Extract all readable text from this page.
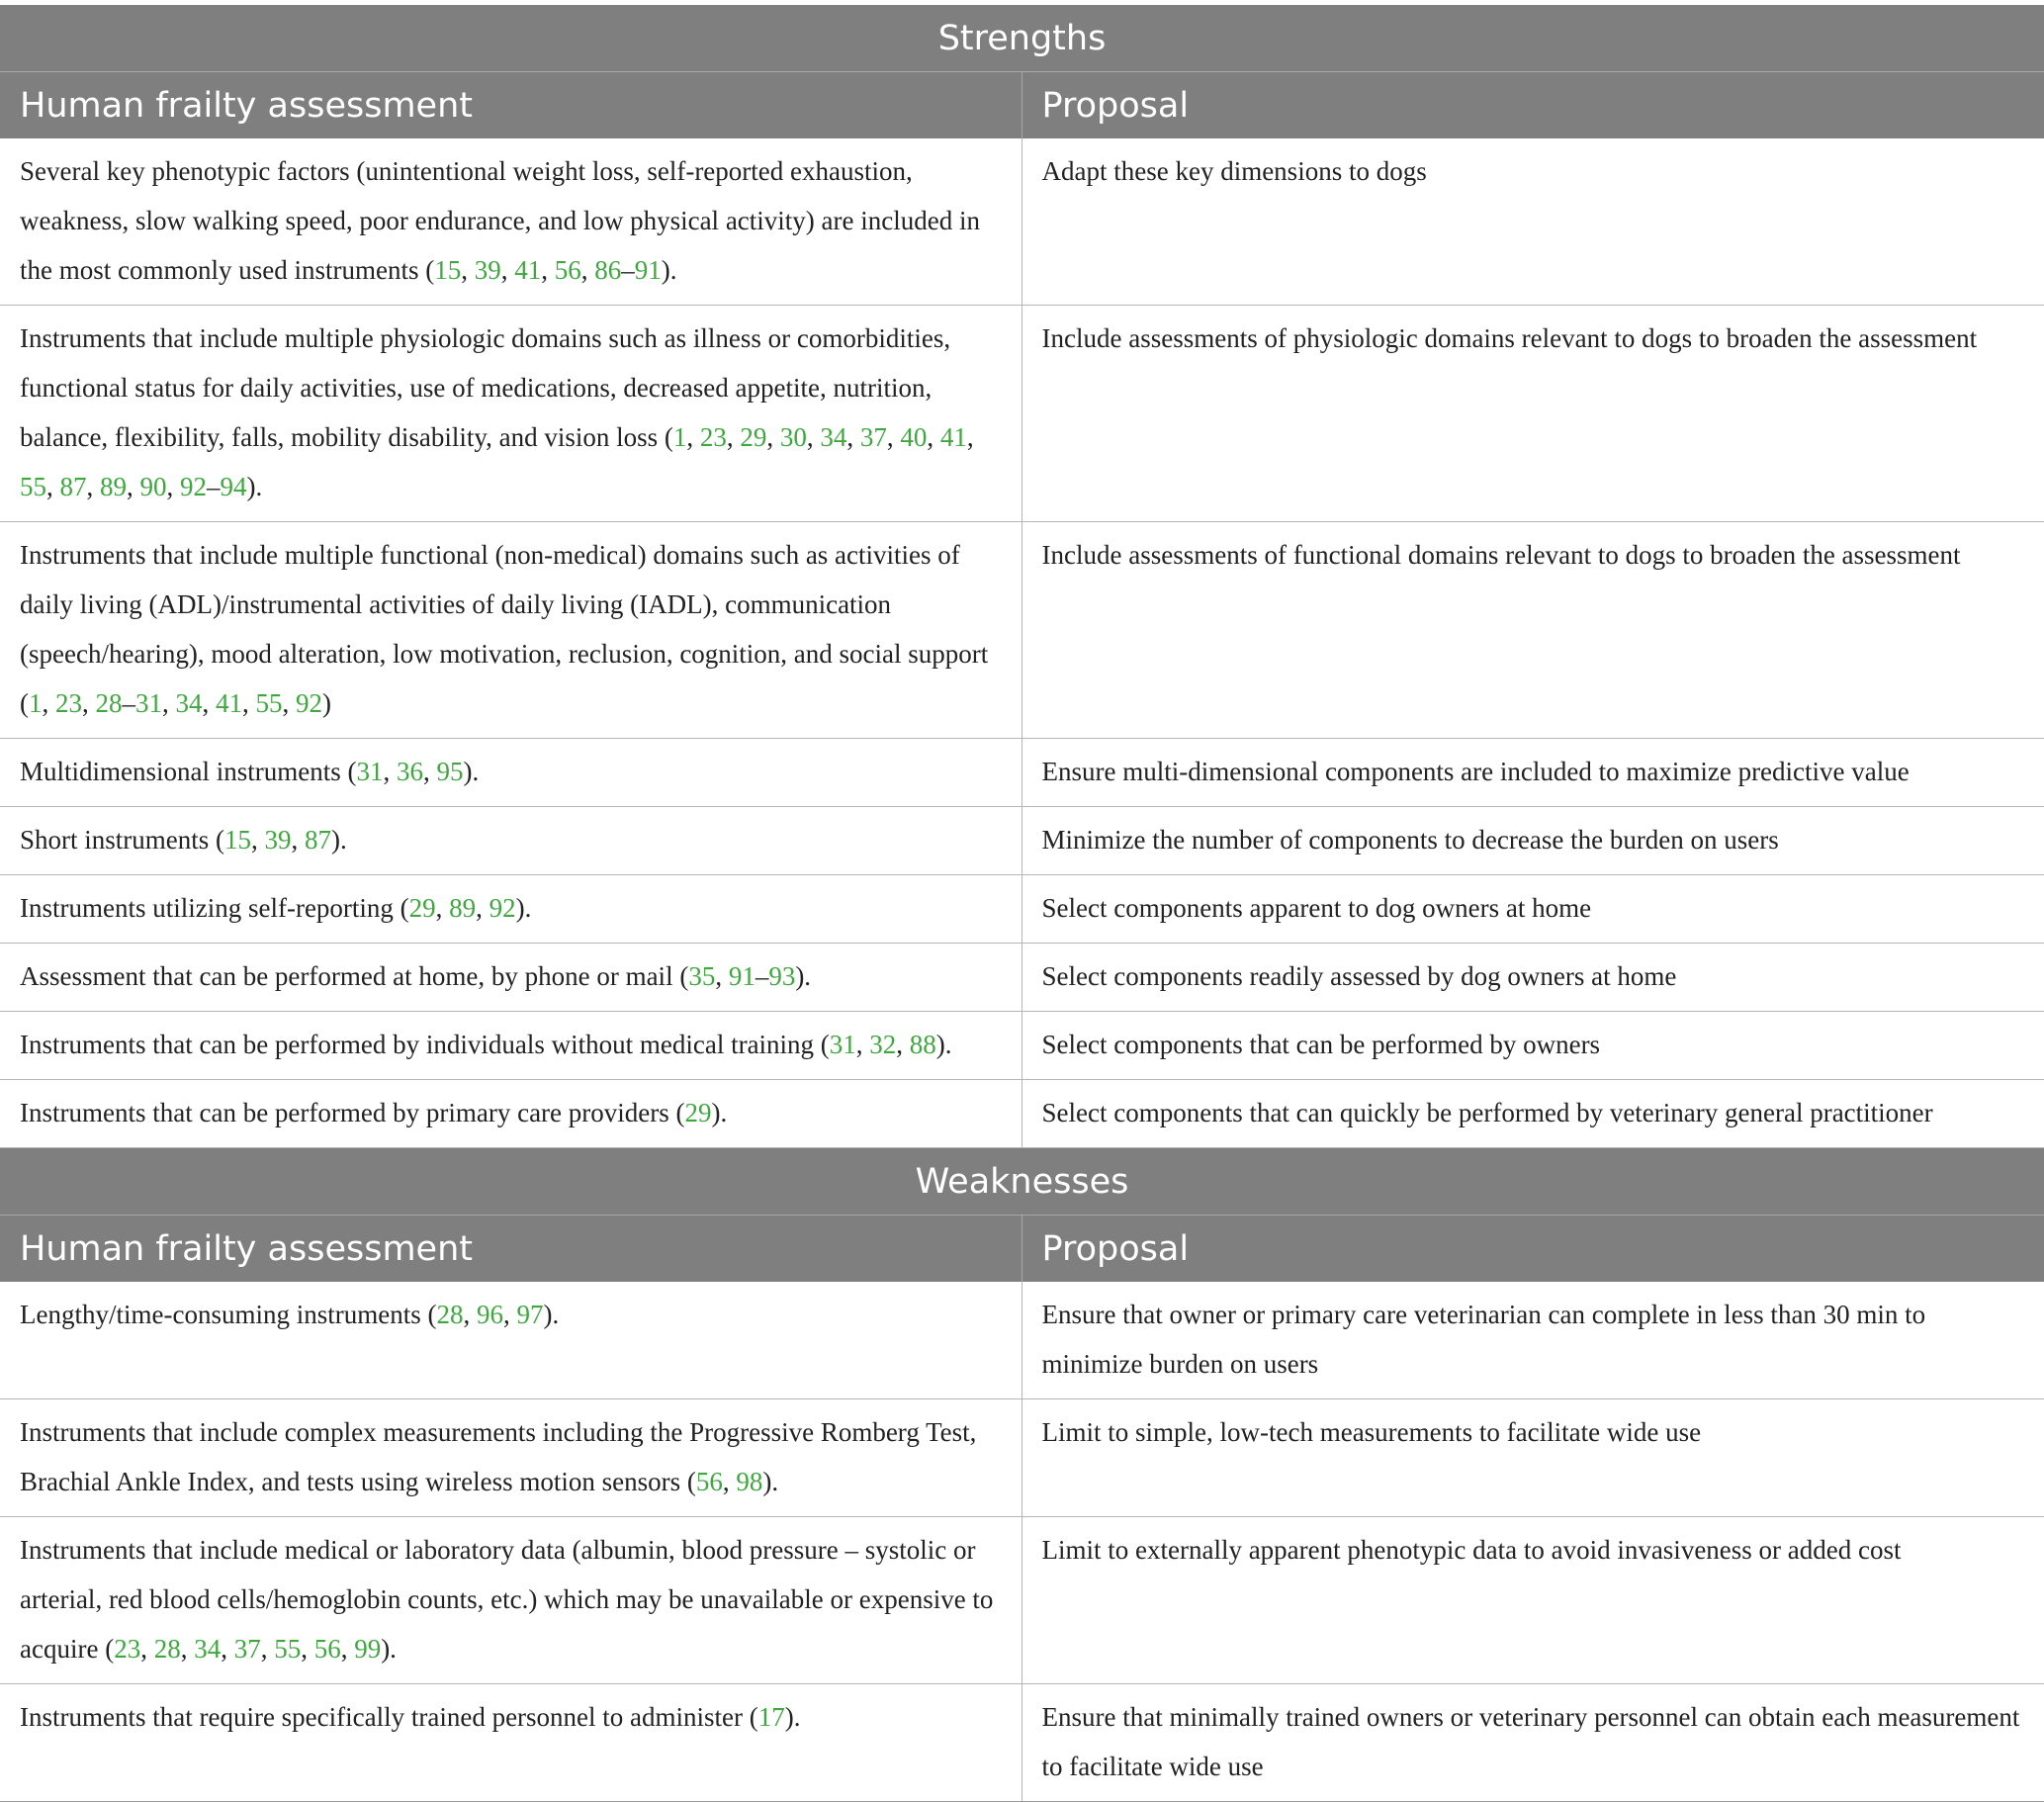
Strengths	
Human frailty assessment	Proposal
Several key phenotypic factors (unintentional weight loss, self-reported exhaustion, weakness, slow walking speed, poor endurance, and low physical activity) are included in the most commonly used instruments (15, 39, 41, 56, 86–91).	Adapt these key dimensions to dogs
Instruments that include multiple physiologic domains such as illness or comorbidities, functional status for daily activities, use of medications, decreased appetite, nutrition, balance, flexibility, falls, mobility disability, and vision loss (1, 23, 29, 30, 34, 37, 40, 41, 55, 87, 89, 90, 92–94).	Include assessments of physiologic domains relevant to dogs to broaden the assessment
Instruments that include multiple functional (non-medical) domains such as activities of daily living (ADL)/instrumental activities of daily living (IADL), communication (speech/hearing), mood alteration, low motivation, reclusion, cognition, and social support (1, 23, 28–31, 34, 41, 55, 92)	Include assessments of functional domains relevant to dogs to broaden the assessment
Multidimensional instruments (31, 36, 95).	Ensure multi-dimensional components are included to maximize predictive value
Short instruments (15, 39, 87).	Minimize the number of components to decrease the burden on users
Instruments utilizing self-reporting (29, 89, 92).	Select components apparent to dog owners at home
Assessment that can be performed at home, by phone or mail (35, 91–93).	Select components readily assessed by dog owners at home
Instruments that can be performed by individuals without medical training (31, 32, 88).	Select components that can be performed by owners
Instruments that can be performed by primary care providers (29).	Select components that can quickly be performed by veterinary general practitioner
Weaknesses	
Human frailty assessment	Proposal
Lengthy/time-consuming instruments (28, 96, 97).	Ensure that owner or primary care veterinarian can complete in less than 30 min to minimize burden on users
Instruments that include complex measurements including the Progressive Romberg Test, Brachial Ankle Index, and tests using wireless motion sensors (56, 98).	Limit to simple, low-tech measurements to facilitate wide use
Instruments that include medical or laboratory data (albumin, blood pressure – systolic or arterial, red blood cells/hemoglobin counts, etc.) which may be unavailable or expensive to acquire (23, 28, 34, 37, 55, 56, 99).	Limit to externally apparent phenotypic data to avoid invasiveness or added cost
Instruments that require specifically trained personnel to administer (17).	Ensure that minimally trained owners or veterinary personnel can obtain each measurement to facilitate wide use
